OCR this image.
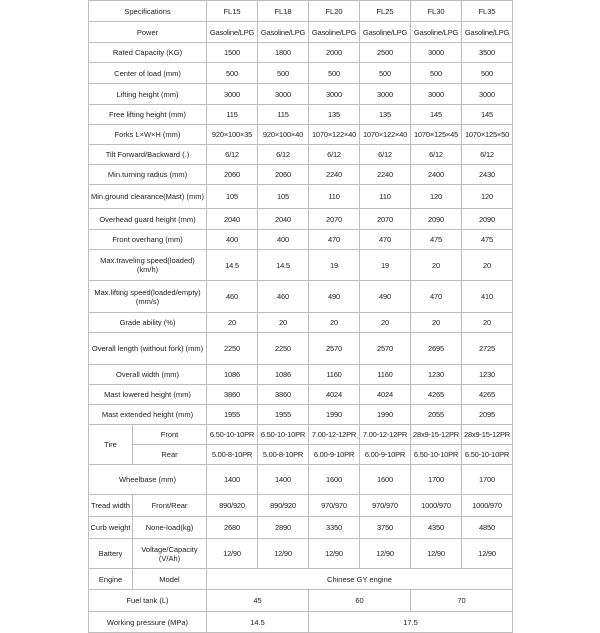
Specifications		FL15	FL18	FL20	FL25	FL30	FL35
Power		Gasoline/LPG	Gasoline/LPG	Gasoline/LPG	Gasoline/LPG	Gasoline/LPG	Gasoline/LPG
Rated Capacity (KG)		1500	1800	2000	2500	3000	3500
Center of load (mm)		500	500	500	500	500	500
Lifting height (mm)		3000	3000	3000	3000	3000	3000
Free lifting height (mm)		115	115	135	135	145	145
Forks L×W×H (mm)		920×100×35	920×100×40	1070×122×40	1070×122×40	1070×125×45	1070×125×50
Tilt Forward/Backward (.)		6/12	6/12	6/12	6/12	6/12	6/12
Min.turning radius (mm)		2060	2060	2240	2240	2400	2430
Min.ground clearance(Mast) (mm)		105	105	110	110	120	120
Overhead guard height (mm)		2040	2040	2070	2070	2090	2090
Front overhang (mm)		400	400	470	470	475	475
Max.traveling speed(loaded) (km/h)		14.5	14.5	19	19	20	20
Max.lifting speed(loaded/empty) (mm/s)		460	460	490	490	470	410
Grade ability (%)		20	20	20	20	20	20
Overall length (without fork) (mm)		2250	2250	2570	2570	2695	2725
Overall width (mm)		1086	1086	1160	1160	1230	1230
Mast lowered height (mm)		3860	3860	4024	4024	4265	4265
Mast extended height (mm)		1955	1955	1990	1990	2055	2095
Tire	Front	6.50-10-10PR	6.50-10-10PR	7.00-12-12PR	7.00-12-12PR	28x9-15-12PR	28x9-15-12PR
	Rear	5.00-8-10PR	5.00-8-10PR	6.00-9-10PR	6.00-9-10PR	6.50-10-10PR	6.50-10-10PR
Wheelbase (mm)		1400	1400	1600	1600	1700	1700
Tread width	Front/Rear	890/920	890/920	970/970	970/970	1000/970	1000/970
Curb weight	None-load(kg)	2680	2890	3350	3750	4350	4850
Battery	Voltage/Capacity (V/Ah)	12/90	12/90	12/90	12/90	12/90	12/90
Engine	Model	Chinese GY engine					
Fuel tank (L)		45		60		70	
Working pressure (MPa)		14.5		17.5			
